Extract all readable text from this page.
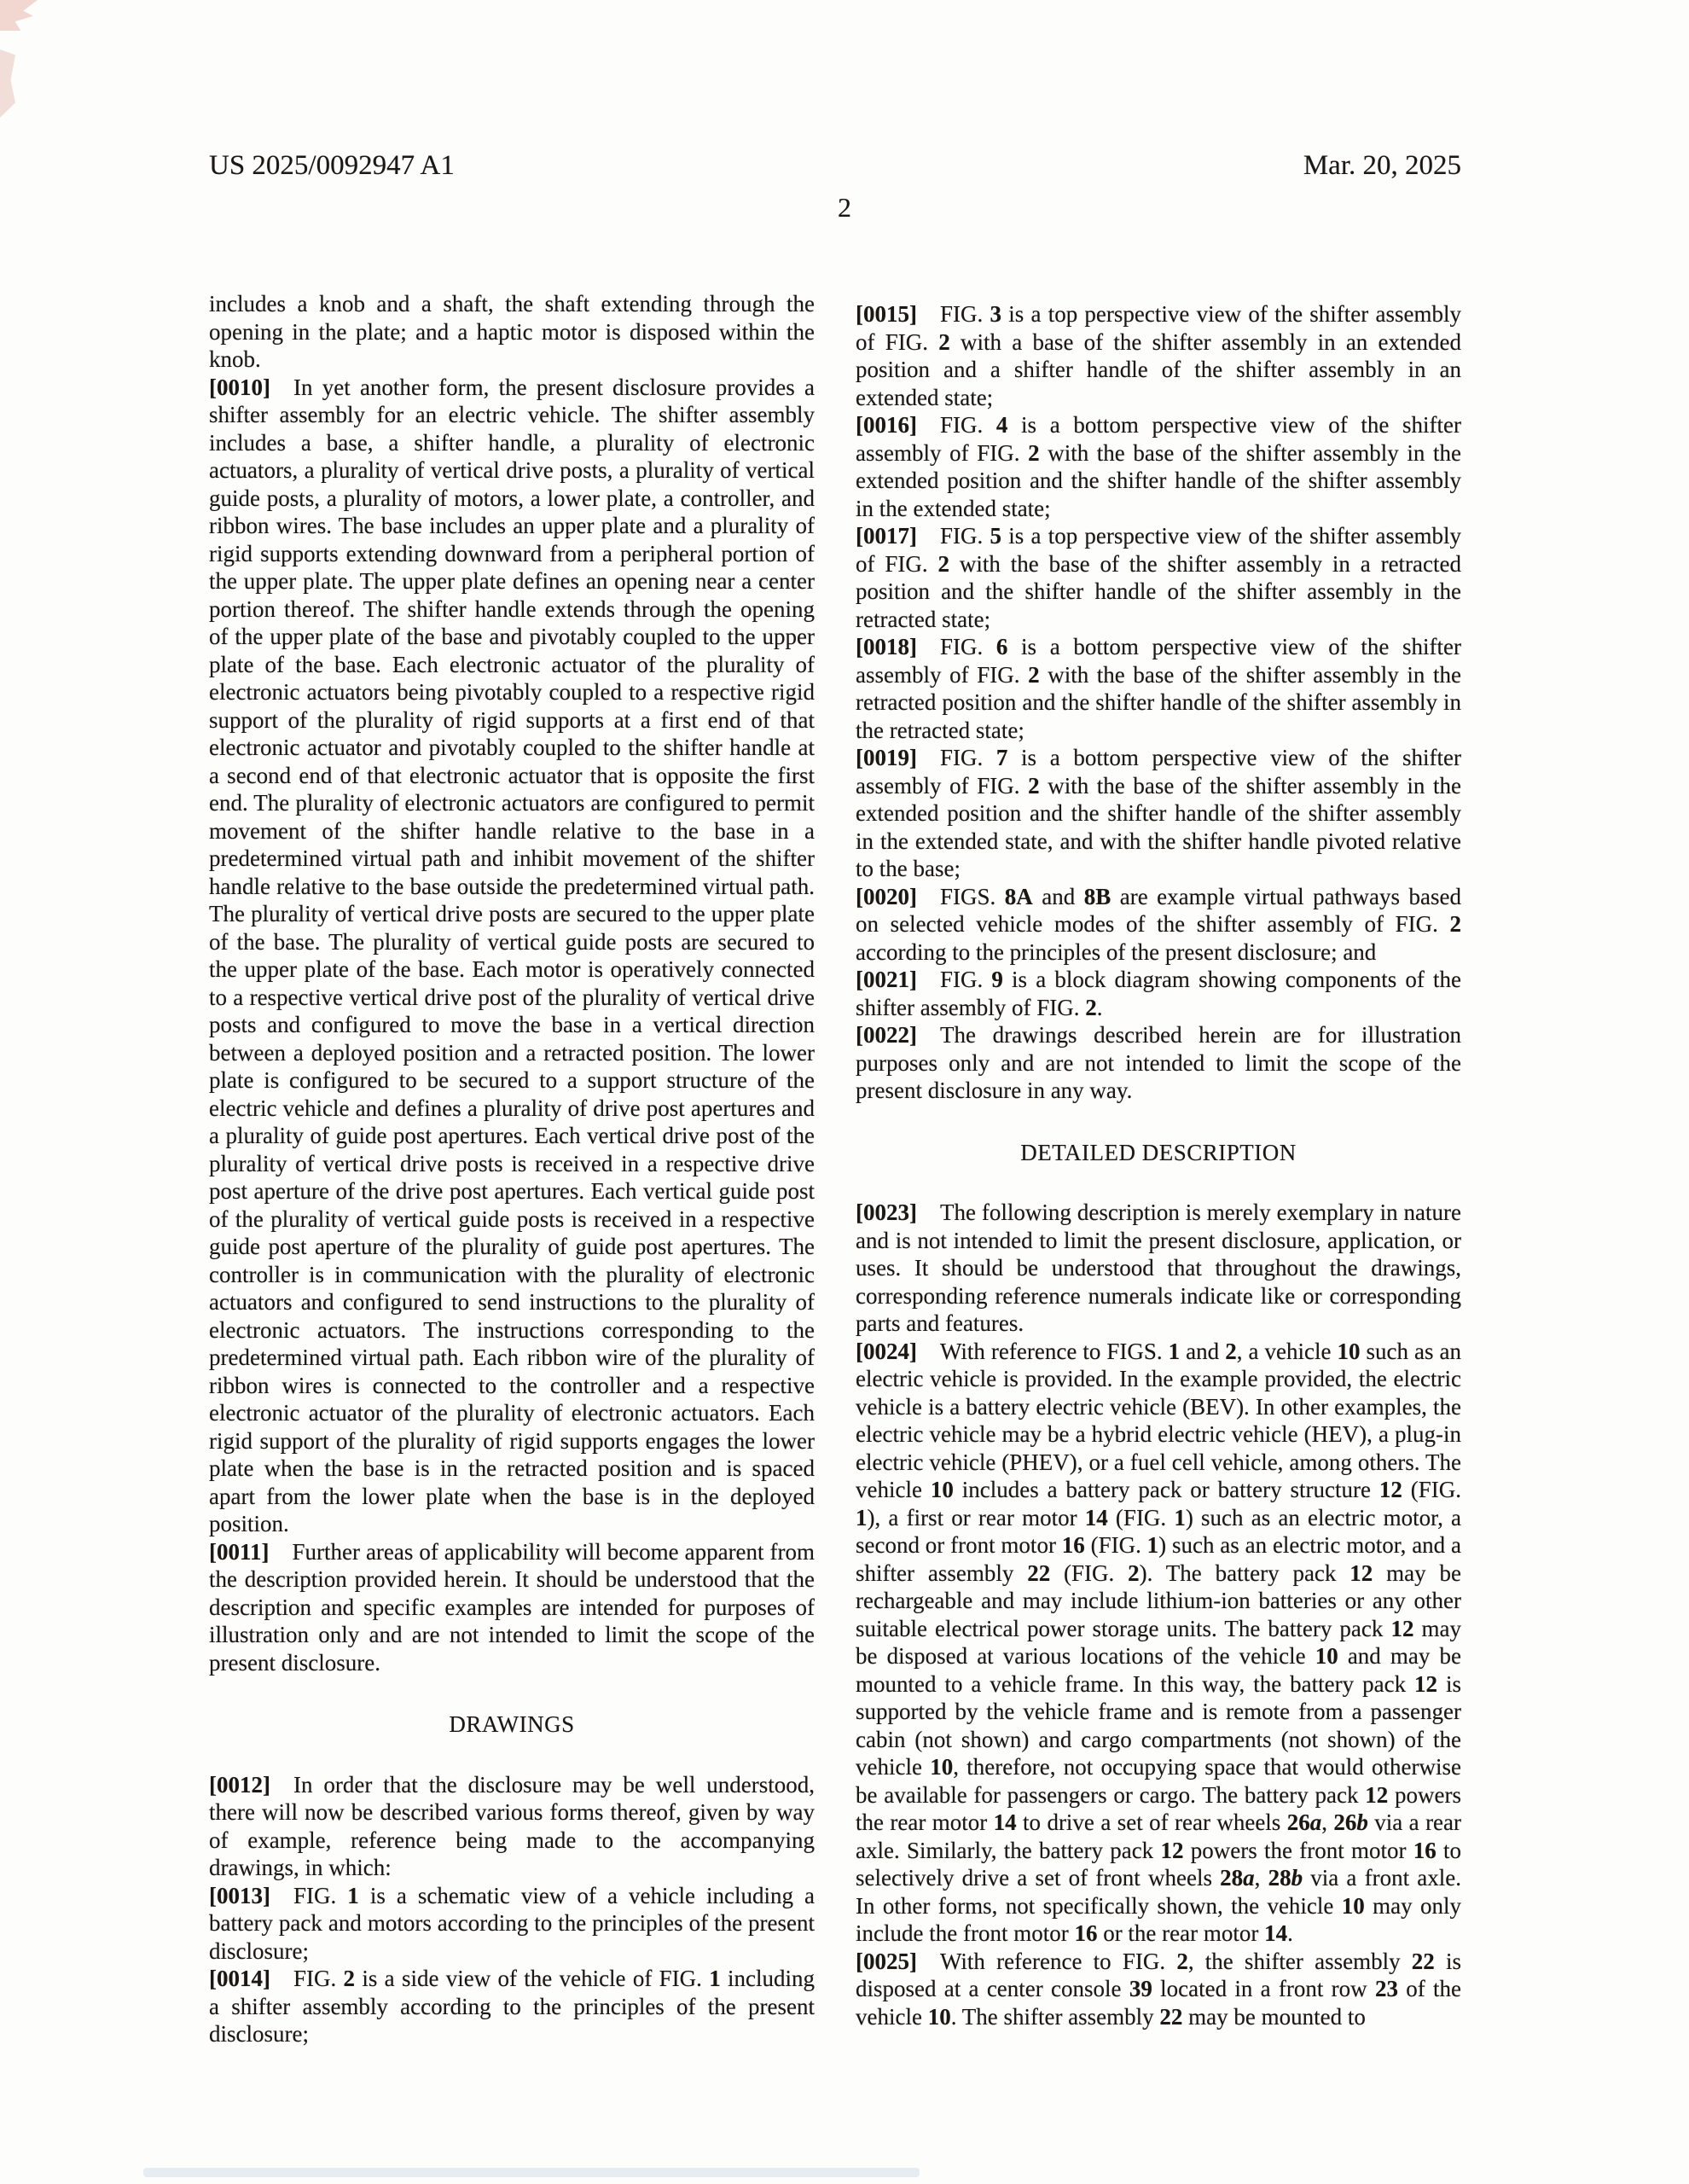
US 2025/0092947 A1	Mar. 20, 2025
2

includes a knob and a shaft, the shaft extending through the opening in the plate; and a haptic motor is disposed within the knob.

[0010] In yet another form, the present disclosure provides a shifter assembly for an electric vehicle. The shifter assembly includes a base, a shifter handle, a plurality of electronic actuators, a plurality of vertical drive posts, a plurality of vertical guide posts, a plurality of motors, a lower plate, a controller, and ribbon wires. The base includes an upper plate and a plurality of rigid supports extending downward from a peripheral portion of the upper plate. The upper plate defines an opening near a center portion thereof. The shifter handle extends through the opening of the upper plate of the base and pivotably coupled to the upper plate of the base. Each electronic actuator of the plurality of electronic actuators being pivotably coupled to a respective rigid support of the plurality of rigid supports at a first end of that electronic actuator and pivotably coupled to the shifter handle at a second end of that electronic actuator that is opposite the first end. The plurality of electronic actuators are configured to permit movement of the shifter handle relative to the base in a predetermined virtual path and inhibit movement of the shifter handle relative to the base outside the predetermined virtual path. The plurality of vertical drive posts are secured to the upper plate of the base. The plurality of vertical guide posts are secured to the upper plate of the base. Each motor is operatively connected to a respective vertical drive post of the plurality of vertical drive posts and configured to move the base in a vertical direction between a deployed position and a retracted position. The lower plate is configured to be secured to a support structure of the electric vehicle and defines a plurality of drive post apertures and a plurality of guide post apertures. Each vertical drive post of the plurality of vertical drive posts is received in a respective drive post aperture of the drive post apertures. Each vertical guide post of the plurality of vertical guide posts is received in a respective guide post aperture of the plurality of guide post apertures. The controller is in communication with the plurality of electronic actuators and configured to send instructions to the plurality of electronic actuators. The instructions corresponding to the predetermined virtual path. Each ribbon wire of the plurality of ribbon wires is connected to the controller and a respective electronic actuator of the plurality of electronic actuators. Each rigid support of the plurality of rigid supports engages the lower plate when the base is in the retracted position and is spaced apart from the lower plate when the base is in the deployed position.

[0011] Further areas of applicability will become apparent from the description provided herein. It should be understood that the description and specific examples are intended for purposes of illustration only and are not intended to limit the scope of the present disclosure.

DRAWINGS

[0012] In order that the disclosure may be well understood, there will now be described various forms thereof, given by way of example, reference being made to the accompanying drawings, in which:

[0013] FIG. 1 is a schematic view of a vehicle including a battery pack and motors according to the principles of the present disclosure;

[0014] FIG. 2 is a side view of the vehicle of FIG. 1 including a shifter assembly according to the principles of the present disclosure;

[0015] FIG. 3 is a top perspective view of the shifter assembly of FIG. 2 with a base of the shifter assembly in an extended position and a shifter handle of the shifter assembly in an extended state;

[0016] FIG. 4 is a bottom perspective view of the shifter assembly of FIG. 2 with the base of the shifter assembly in the extended position and the shifter handle of the shifter assembly in the extended state;

[0017] FIG. 5 is a top perspective view of the shifter assembly of FIG. 2 with the base of the shifter assembly in a retracted position and the shifter handle of the shifter assembly in the retracted state;

[0018] FIG. 6 is a bottom perspective view of the shifter assembly of FIG. 2 with the base of the shifter assembly in the retracted position and the shifter handle of the shifter assembly in the retracted state;

[0019] FIG. 7 is a bottom perspective view of the shifter assembly of FIG. 2 with the base of the shifter assembly in the extended position and the shifter handle of the shifter assembly in the extended state, and with the shifter handle pivoted relative to the base;

[0020] FIGS. 8A and 8B are example virtual pathways based on selected vehicle modes of the shifter assembly of FIG. 2 according to the principles of the present disclosure; and

[0021] FIG. 9 is a block diagram showing components of the shifter assembly of FIG. 2.

[0022] The drawings described herein are for illustration purposes only and are not intended to limit the scope of the present disclosure in any way.

DETAILED DESCRIPTION

[0023] The following description is merely exemplary in nature and is not intended to limit the present disclosure, application, or uses. It should be understood that throughout the drawings, corresponding reference numerals indicate like or corresponding parts and features.

[0024] With reference to FIGS. 1 and 2, a vehicle 10 such as an electric vehicle is provided. In the example provided, the electric vehicle is a battery electric vehicle (BEV). In other examples, the electric vehicle may be a hybrid electric vehicle (HEV), a plug-in electric vehicle (PHEV), or a fuel cell vehicle, among others. The vehicle 10 includes a battery pack or battery structure 12 (FIG. 1), a first or rear motor 14 (FIG. 1) such as an electric motor, a second or front motor 16 (FIG. 1) such as an electric motor, and a shifter assembly 22 (FIG. 2). The battery pack 12 may be rechargeable and may include lithium-ion batteries or any other suitable electrical power storage units. The battery pack 12 may be disposed at various locations of the vehicle 10 and may be mounted to a vehicle frame. In this way, the battery pack 12 is supported by the vehicle frame and is remote from a passenger cabin (not shown) and cargo compartments (not shown) of the vehicle 10, therefore, not occupying space that would otherwise be available for passengers or cargo. The battery pack 12 powers the rear motor 14 to drive a set of rear wheels 26a, 26b via a rear axle. Similarly, the battery pack 12 powers the front motor 16 to selectively drive a set of front wheels 28a, 28b via a front axle. In other forms, not specifically shown, the vehicle 10 may only include the front motor 16 or the rear motor 14.

[0025] With reference to FIG. 2, the shifter assembly 22 is disposed at a center console 39 located in a front row 23 of the vehicle 10. The shifter assembly 22 may be mounted to
